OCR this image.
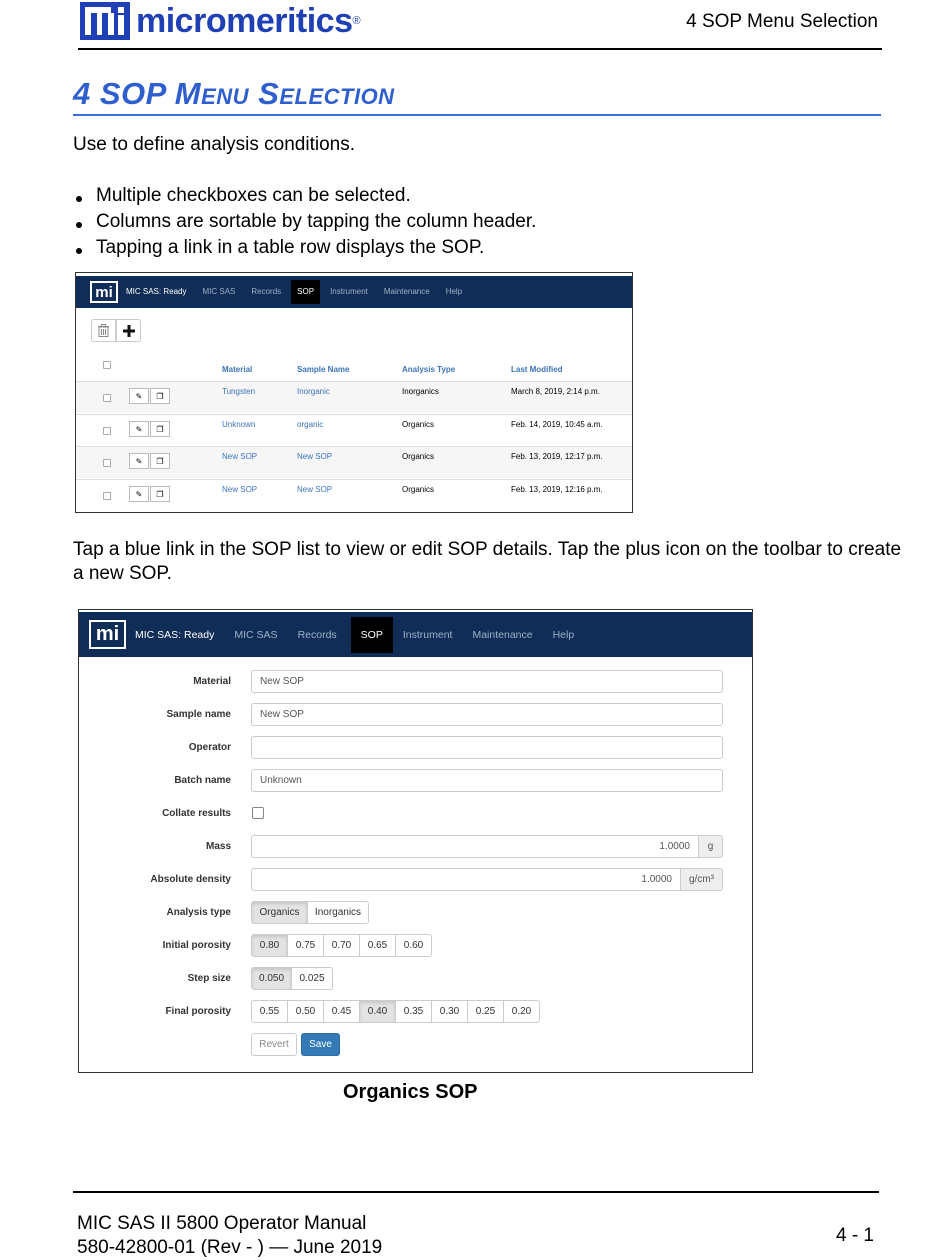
micromeritics ®	4 SOP Menu Selection
4 SOP Menu Selection
Use to define analysis conditions.
Multiple checkboxes can be selected.
Columns are sortable by tapping the column header.
Tapping a link in a table row displays the SOP.
mi	MIC SAS: Ready MIC SAS Records	SOP	Instrument Maintenance Help
Material	Sample Name	Analysis Type	Last Modified
✎ ❐	Tungsten	Inorganic	Inorganics	March 8, 2019, 2:14 p.m.
✎ ❐	Unknown	organic	Organics	Feb. 14, 2019, 10:45 a.m.
✎ ❐	New SOP	New SOP	Organics	Feb. 13, 2019, 12:17 p.m.
✎ ❐	New SOP	New SOP	Organics	Feb. 13, 2019, 12:16 p.m.
Tap a blue link in the SOP list to view or edit SOP details. Tap the plus icon on the toolbar to create a new SOP.
mi	MIC SAS: Ready MIC SAS Records	SOP	Instrument Maintenance Help
Material	New SOP
Sample name	New SOP
Operator
Batch name	Unknown
Collate results
Mass	1.0000	g
Absolute density	1.0000	g/cm³
Analysis type	Organics	Inorganics
Initial porosity	0.80	0.75	0.70	0.65	0.60
Step size	0.050	0.025
Final porosity	0.55	0.50	0.45	0.40	0.35	0.30	0.25	0.20
Revert	Save
Organics SOP
MIC SAS II 5800 Operator Manual
580-42800-01 (Rev - ) — June 2019
4 - 1
